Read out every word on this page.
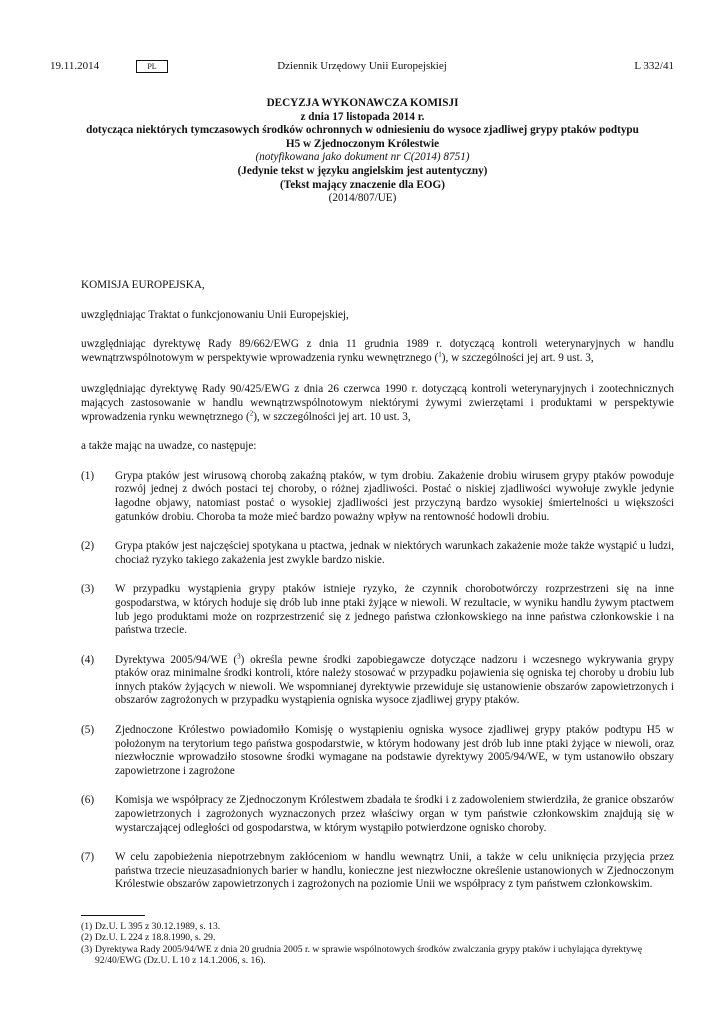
19.11.2014	PL	Dziennik Urzędowy Unii Europejskiej	L 332/41

DECYZJA WYKONAWCZA KOMISJI

z dnia 17 listopada 2014 r.

dotycząca niektórych tymczasowych środków ochronnych w odniesieniu do wysoce zjadliwej grypy ptaków podtypu H5 w Zjednoczonym Królestwie

(notyfikowana jako dokument nr C(2014) 8751)

(Jedynie tekst w języku angielskim jest autentyczny)

(Tekst mający znaczenie dla EOG)

(2014/807/UE)

KOMISJA EUROPEJSKA,

uwzględniając Traktat o funkcjonowaniu Unii Europejskiej,

uwzględniając dyrektywę Rady 89/662/EWG z dnia 11 grudnia 1989 r. dotyczącą kontroli weterynaryjnych w handlu wewnątrzwspólnotowym w perspektywie wprowadzenia rynku wewnętrznego ($^1$), w szczególności jej art. 9 ust. 3,

uwzględniając dyrektywę Rady 90/425/EWG z dnia 26 czerwca 1990 r. dotyczącą kontroli weterynaryjnych i zootechnicznych mających zastosowanie w handlu wewnątrzwspólnotowym niektórymi żywymi zwierzętami i produktami w perspektywie wprowadzenia rynku wewnętrznego ($^2$), w szczególności jej art. 10 ust. 3,

a także mając na uwadze, co następuje:

(1) Grypa ptaków jest wirusową chorobą zakaźną ptaków, w tym drobiu. Zakażenie drobiu wirusem grypy ptaków powoduje rozwój jednej z dwóch postaci tej choroby, o różnej zjadliwości. Postać o niskiej zjadliwości wywołuje zwykle jedynie łagodne objawy, natomiast postać o wysokiej zjadliwości jest przyczyną bardzo wysokiej śmiertelności u większości gatunków drobiu. Choroba ta może mieć bardzo poważny wpływ na rentowność hodowli drobiu.

(2) Grypa ptaków jest najczęściej spotykana u ptactwa, jednak w niektórych warunkach zakażenie może także wystąpić u ludzi, chociaż ryzyko takiego zakażenia jest zwykle bardzo niskie.

(3) W przypadku wystąpienia grypy ptaków istnieje ryzyko, że czynnik chorobotwórczy rozprzestrzeni się na inne gospodarstwa, w których hoduje się drób lub inne ptaki żyjące w niewoli. W rezultacie, w wyniku handlu żywym ptactwem lub jego produktami może on rozprzestrzenić się z jednego państwa członkowskiego na inne państwa członkowskie i na państwa trzecie.

(4) Dyrektywa 2005/94/WE ($^3$) określa pewne środki zapobiegawcze dotyczące nadzoru i wczesnego wykrywania grypy ptaków oraz minimalne środki kontroli, które należy stosować w przypadku pojawienia się ogniska tej choroby u drobiu lub innych ptaków żyjących w niewoli. We wspomnianej dyrektywie przewiduje się ustanowienie obszarów zapowietrzonych i obszarów zagrożonych w przypadku wystąpienia ogniska wysoce zjadliwej grypy ptaków.

(5) Zjednoczone Królestwo powiadomiło Komisję o wystąpieniu ogniska wysoce zjadliwej grypy ptaków podtypu H5 w położonym na terytorium tego państwa gospodarstwie, w którym hodowany jest drób lub inne ptaki żyjące w niewoli, oraz niezwłocznie wprowadziło stosowne środki wymagane na podstawie dyrektywy 2005/94/WE, w tym ustanowiło obszary zapowietrzone i zagrożone

(6) Komisja we współpracy ze Zjednoczonym Królestwem zbadała te środki i z zadowoleniem stwierdziła, że granice obszarów zapowietrzonych i zagrożonych wyznaczonych przez właściwy organ w tym państwie członkowskim znajdują się w wystarczającej odległości od gospodarstwa, w którym wystąpiło potwierdzone ognisko choroby.

(7) W celu zapobieżenia niepotrzebnym zakłóceniom w handlu wewnątrz Unii, a także w celu uniknięcia przyjęcia przez państwa trzecie nieuzasadnionych barier w handlu, konieczne jest niezwłoczne określenie ustanowionych w Zjednoczonym Królestwie obszarów zapowietrzonych i zagrożonych na poziomie Unii we współpracy z tym państwem członkowskim.

(1) Dz.U. L 395 z 30.12.1989, s. 13.

(2) Dz.U. L 224 z 18.8.1990, s. 29.

(3) Dyrektywa Rady 2005/94/WE z dnia 20 grudnia 2005 r. w sprawie wspólnotowych środków zwalczania grypy ptaków i uchylająca dyrektywę 92/40/EWG (Dz.U. L 10 z 14.1.2006, s. 16).
